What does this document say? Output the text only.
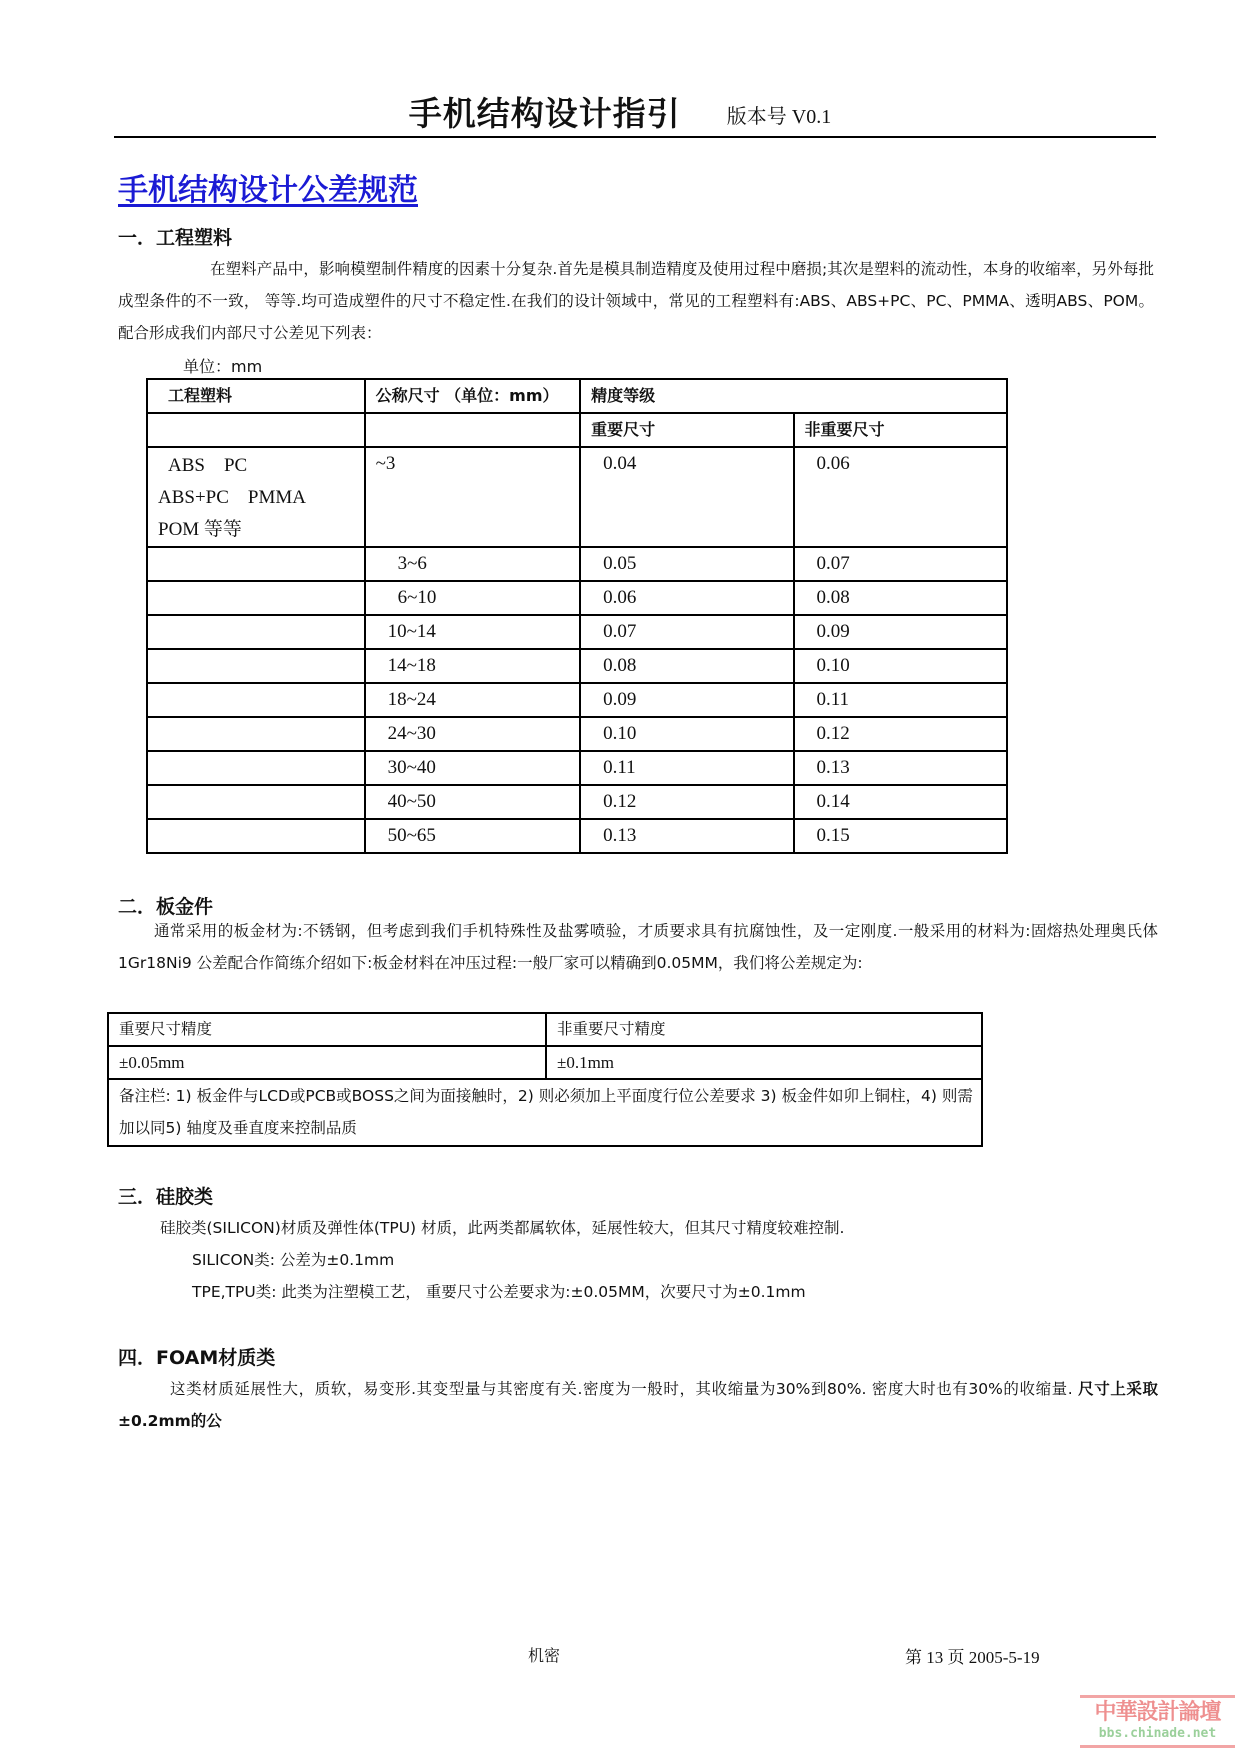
手机结构设计指引 版本号 V0.1
手机结构设计公差规范
一．工程塑料
在塑料产品中，影响模塑制件精度的因素十分复杂.首先是模具制造精度及使用过程中磨损;其次是塑料的流动性，本身的收缩率，另外每批成型条件的不一致， 等等.均可造成塑件的尺寸不稳定性.在我们的设计领域中，常见的工程塑料有:ABS、ABS+PC、PC、PMMA、透明ABS、POM。配合形成我们内部尺寸公差见下列表：
单位：mm
工程塑料	公称尺寸 （单位：mm）	精度等级	
		重要尺寸	非重要尺寸

ABS　PC
ABS+PC　PMMA
POM 等等	~3	0.04	0.06
	3~6	0.05	0.07
	6~10	0.06	0.08
	10~14	0.07	0.09
	14~18	0.08	0.10
	18~24	0.09	0.11
	24~30	0.10	0.12
	30~40	0.11	0.13
	40~50	0.12	0.14
	50~65	0.13	0.15
二．板金件
通常采用的板金材为:不锈钢，但考虑到我们手机特殊性及盐雾喷验，才质要求具有抗腐蚀性，及一定刚度.一般采用的材料为:固熔热处理奥氏体 1Gr18Ni9 公差配合作简练介绍如下:板金材料在冲压过程:一般厂家可以精确到0.05MM，我们将公差规定为:
重要尺寸精度	非重要尺寸精度
±0.05mm	±0.1mm
备注栏: 1) 板金件与LCD或PCB或BOSS之间为面接触时，2) 则必须加上平面度行位公差要求 3) 板金件如卯上铜柱，4) 则需加以同5) 轴度及垂直度来控制品质	
三．硅胶类
硅胶类(SILICON)材质及弹性体(TPU) 材质，此两类都属软体，延展性较大，但其尺寸精度较难控制.
SILICON类: 公差为±0.1mm
TPE,TPU类: 此类为注塑模工艺， 重要尺寸公差要求为:±0.05MM，次要尺寸为±0.1mm
四．FOAM材质类
这类材质延展性大，质软，易变形.其变型量与其密度有关.密度为一般时，其收缩量为30%到80%. 密度大时也有30%的收缩量. 尺寸上采取±0.2mm的公
机密	第 13 页 2005-5-19
中華設計論壇
bbs.chinade.net
